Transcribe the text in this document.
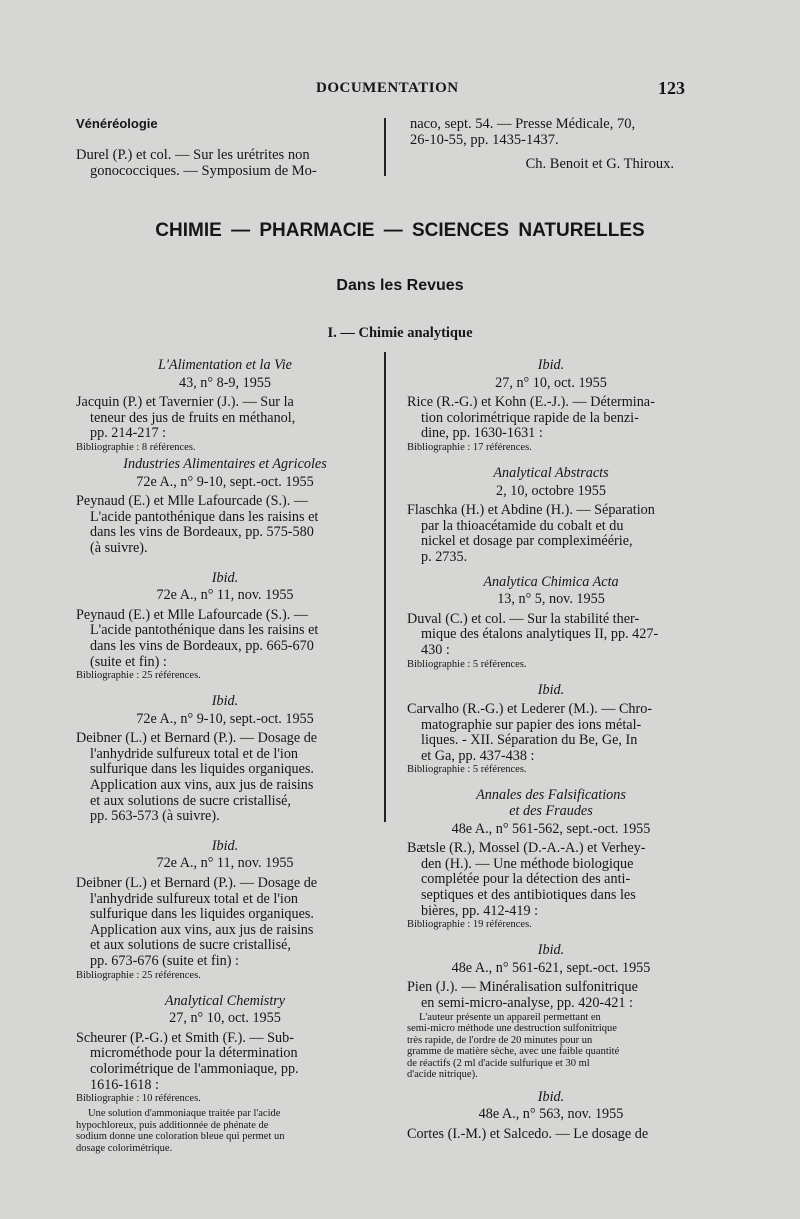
DOCUMENTATION	123
Vénéréologie
Durel (P.) et col. — Sur les urétrites non
gonococciques. — Symposium de Mo-
naco, sept. 54. — Presse Médicale, 70,
26-10-55, pp. 1435-1437.
Ch. Benoit et G. Thiroux.
CHIMIE — PHARMACIE — SCIENCES NATURELLES
Dans les Revues
I. — Chimie analytique

L'Alimentation et la Vie

43, n° 8-9, 1955

Jacquin (P.) et Tavernier (J.). — Sur la

teneur des jus de fruits en méthanol,

pp. 214-217 :

Bibliographie : 8 références.

Industries Alimentaires et Agricoles

72e A., n° 9-10, sept.-oct. 1955

Peynaud (E.) et Mlle Lafourcade (S.). —

L'acide pantothénique dans les raisins et

dans les vins de Bordeaux, pp. 575-580

(à suivre).

Ibid.

72e A., n° 11, nov. 1955

Peynaud (E.) et Mlle Lafourcade (S.). —

L'acide pantothénique dans les raisins et

dans les vins de Bordeaux, pp. 665-670

(suite et fin) :

Bibliographie : 25 références.

Ibid.

72e A., n° 9-10, sept.-oct. 1955

Deibner (L.) et Bernard (P.). — Dosage de

l'anhydride sulfureux total et de l'ion

sulfurique dans les liquides organiques.

Application aux vins, aux jus de raisins

et aux solutions de sucre cristallisé,

pp. 563-573 (à suivre).

Ibid.

72e A., n° 11, nov. 1955

Deibner (L.) et Bernard (P.). — Dosage de

l'anhydride sulfureux total et de l'ion

sulfurique dans les liquides organiques.

Application aux vins, aux jus de raisins

et aux solutions de sucre cristallisé,

pp. 673-676 (suite et fin) :

Bibliographie : 25 références.

Analytical Chemistry

27, n° 10, oct. 1955

Scheurer (P.-G.) et Smith (F.). — Sub-

microméthode pour la détermination

colorimétrique de l'ammoniaque, pp.

1616-1618 :

Bibliographie : 10 références.

Une solution d'ammoniaque traitée par l'acide

hypochloreux, puis additionnée de phénate de

sodium donne une coloration bleue qui permet un

dosage colorimétrique.

Ibid.

27, n° 10, oct. 1955

Rice (R.-G.) et Kohn (E.-J.). — Détermina-

tion colorimétrique rapide de la benzi-

dine, pp. 1630-1631 :

Bibliographie : 17 références.

Analytical Abstracts

2, 10, octobre 1955

Flaschka (H.) et Abdine (H.). — Séparation

par la thioacétamide du cobalt et du

nickel et dosage par compleximéérie,

p. 2735.

Analytica Chimica Acta

13, n° 5, nov. 1955

Duval (C.) et col. — Sur la stabilité ther-

mique des étalons analytiques II, pp. 427-

430 :

Bibliographie : 5 références.

Ibid.

Carvalho (R.-G.) et Lederer (M.). — Chro-

matographie sur papier des ions métal-

liques. - XII. Séparation du Be, Ge, In

et Ga, pp. 437-438 :

Bibliographie : 5 références.

Annales des Falsifications

et des Fraudes

48e A., n° 561-562, sept.-oct. 1955

Bætsle (R.), Mossel (D.-A.-A.) et Verhey-

den (H.). — Une méthode biologique

complétée pour la détection des anti-

septiques et des antibiotiques dans les

bières, pp. 412-419 :

Bibliographie : 19 références.

Ibid.

48e A., n° 561-621, sept.-oct. 1955

Pien (J.). — Minéralisation sulfonitrique

en semi-micro-analyse, pp. 420-421 :

L'auteur présente un appareil permettant en

semi-micro méthode une destruction sulfonitrique

très rapide, de l'ordre de 20 minutes pour un

gramme de matière sèche, avec une faible quantité

de réactifs (2 ml d'acide sulfurique et 30 ml

d'acide nitrique).

Ibid.

48e A., n° 563, nov. 1955

Cortes (I.-M.) et Salcedo. — Le dosage de
